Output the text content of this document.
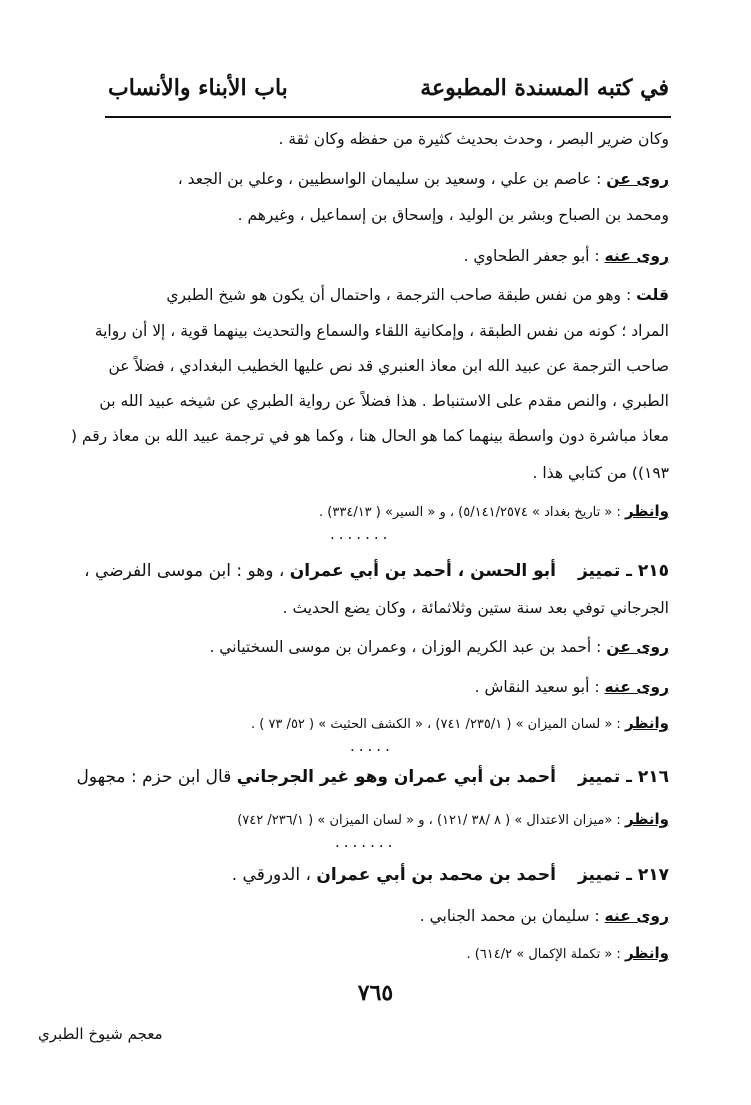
في كتبه المسندة المطبوعة
باب الأبناء والأنساب
وكان ضرير البصر ، وحدث بحديث كثيرة من حفظه وكان ثقة .
روى عن : عاصم بن علي ، وسعيد بن سليمان الواسطيين ، وعلي بن الجعد ،
ومحمد بن الصباح وبشر بن الوليد ، وإسحاق بن إسماعيل ، وغيرهم .
روى عنه : أبو جعفر الطحاوي .
قلت : وهو من نفس طبقة صاحب الترجمة ، واحتمال أن يكون هو شيخ الطبري
المراد ؛ كونه من نفس الطبقة ، وإمكانية اللقاء والسماع والتحديث بينهما قوية ، إلا أن رواية
صاحب الترجمة عن عبيد الله ابن معاذ العنبري قد نص عليها الخطيب البغدادي ، فضلاً عن
الطبري ، والنص مقدم على الاستنباط . هذا فضلاً عن رواية الطبري عن شيخه عبيد الله بن
معاذ مباشرة دون واسطة بينهما كما هو الحال هنا ، وكما هو في ترجمة عبيد الله بن معاذ رقم (
١٩٣)) من كتابي هذا .
وانظر : « تاريخ بغداد » ٥/١٤١/٢٥٧٤) ، و « السير» ( ٣٣٤/١٣) .
.......
٢١٥ ـ تمييزأبو الحسن ، أحمد بن أبي عمران ، وهو : ابن موسى الفرضي ،
الجرجاني توفي بعد سنة ستين وثلاثمائة ، وكان يضع الحديث .
روى عن : أحمد بن عبد الكريم الوزان ، وعمران بن موسى السختياني .
روى عنه : أبو سعيد النقاش .
وانظر : « لسان الميزان » ( ٢٣٥/١/ ٧٤١) ، « الكشف الحثيث » ( ٥٢/ ٧٣ ) .
.....
٢١٦ ـ تمييزأحمد بن أبي عمران وهو غير الجرجاني قال ابن حزم : مجهول
وانظر : «ميزان الاعتدال » ( ٨ /٣٨ /١٢١) ، و « لسان الميزان » ( ٢٣٦/١/ ٧٤٢)
.......
٢١٧ ـ تمييزأحمد بن محمد بن أبي عمران ، الدورقي .
روى عنه : سليمان بن محمد الجنابي .
وانظر : « تكملة الإكمال » ٦١٤/٢) .
٧٦٥
معجم شيوخ الطبري
